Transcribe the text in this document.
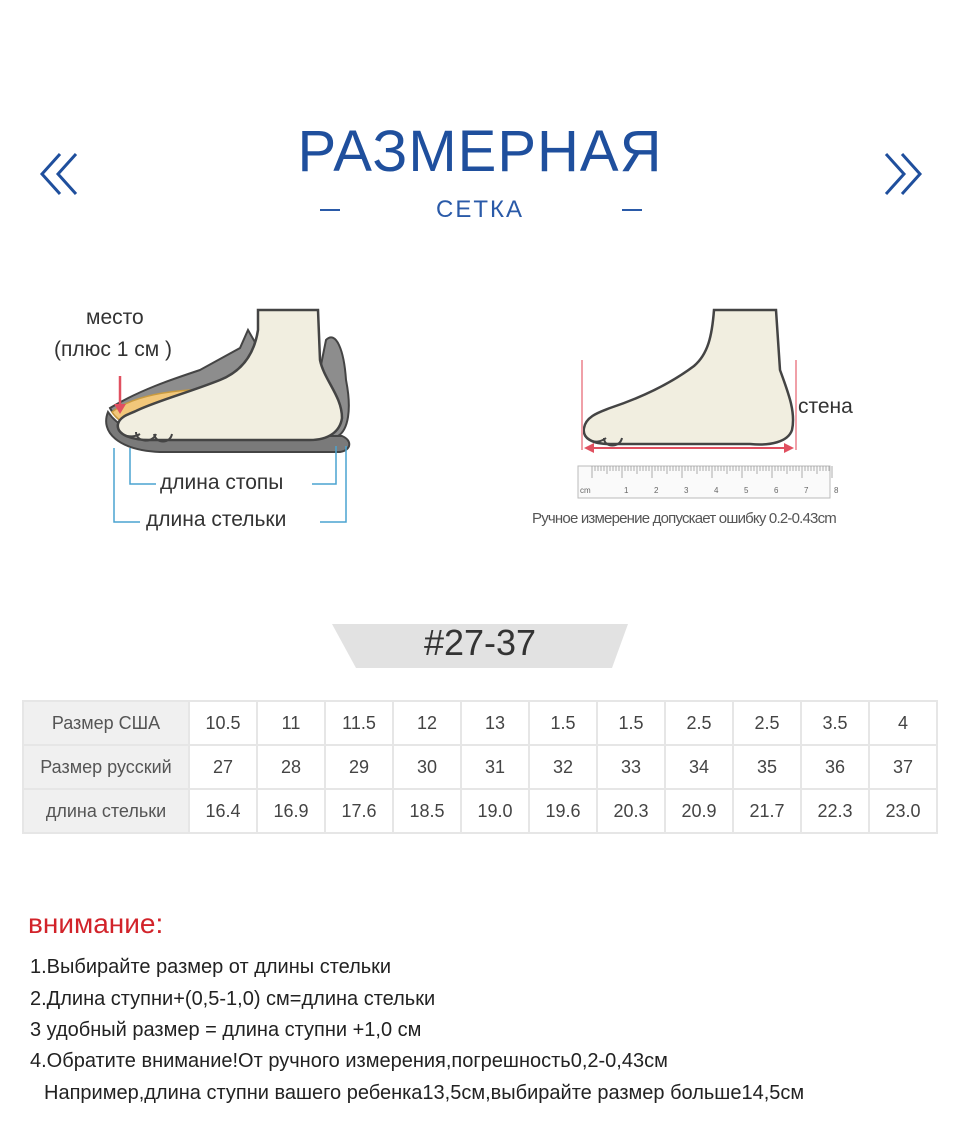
РАЗМЕРНАЯ
СЕТКА
место
(плюс 1 см )
длина стопы
длина стельки
cm	1	2	3	4	5	6	7	8
стена
Ручное измерение допускает ошибку 0.2-0.43cm
#27-37
Размер США	10.5	11	11.5	12	13	1.5	1.5	2.5	2.5	3.5	4
Размер русский	27	28	29	30	31	32	33	34	35	36	37
длина стельки	16.4	16.9	17.6	18.5	19.0	19.6	20.3	20.9	21.7	22.3	23.0
внимание:
1.Выбирайте размер от длины стельки
2.Длина ступни+(0,5-1,0) см=длина стельки
3 удобный размер = длина ступни +1,0 см
4.Обратите внимание!От ручного измерения,погрешность0,2-0,43см
Например,длина ступни вашего ребенка13,5см,выбирайте размер больше14,5см
